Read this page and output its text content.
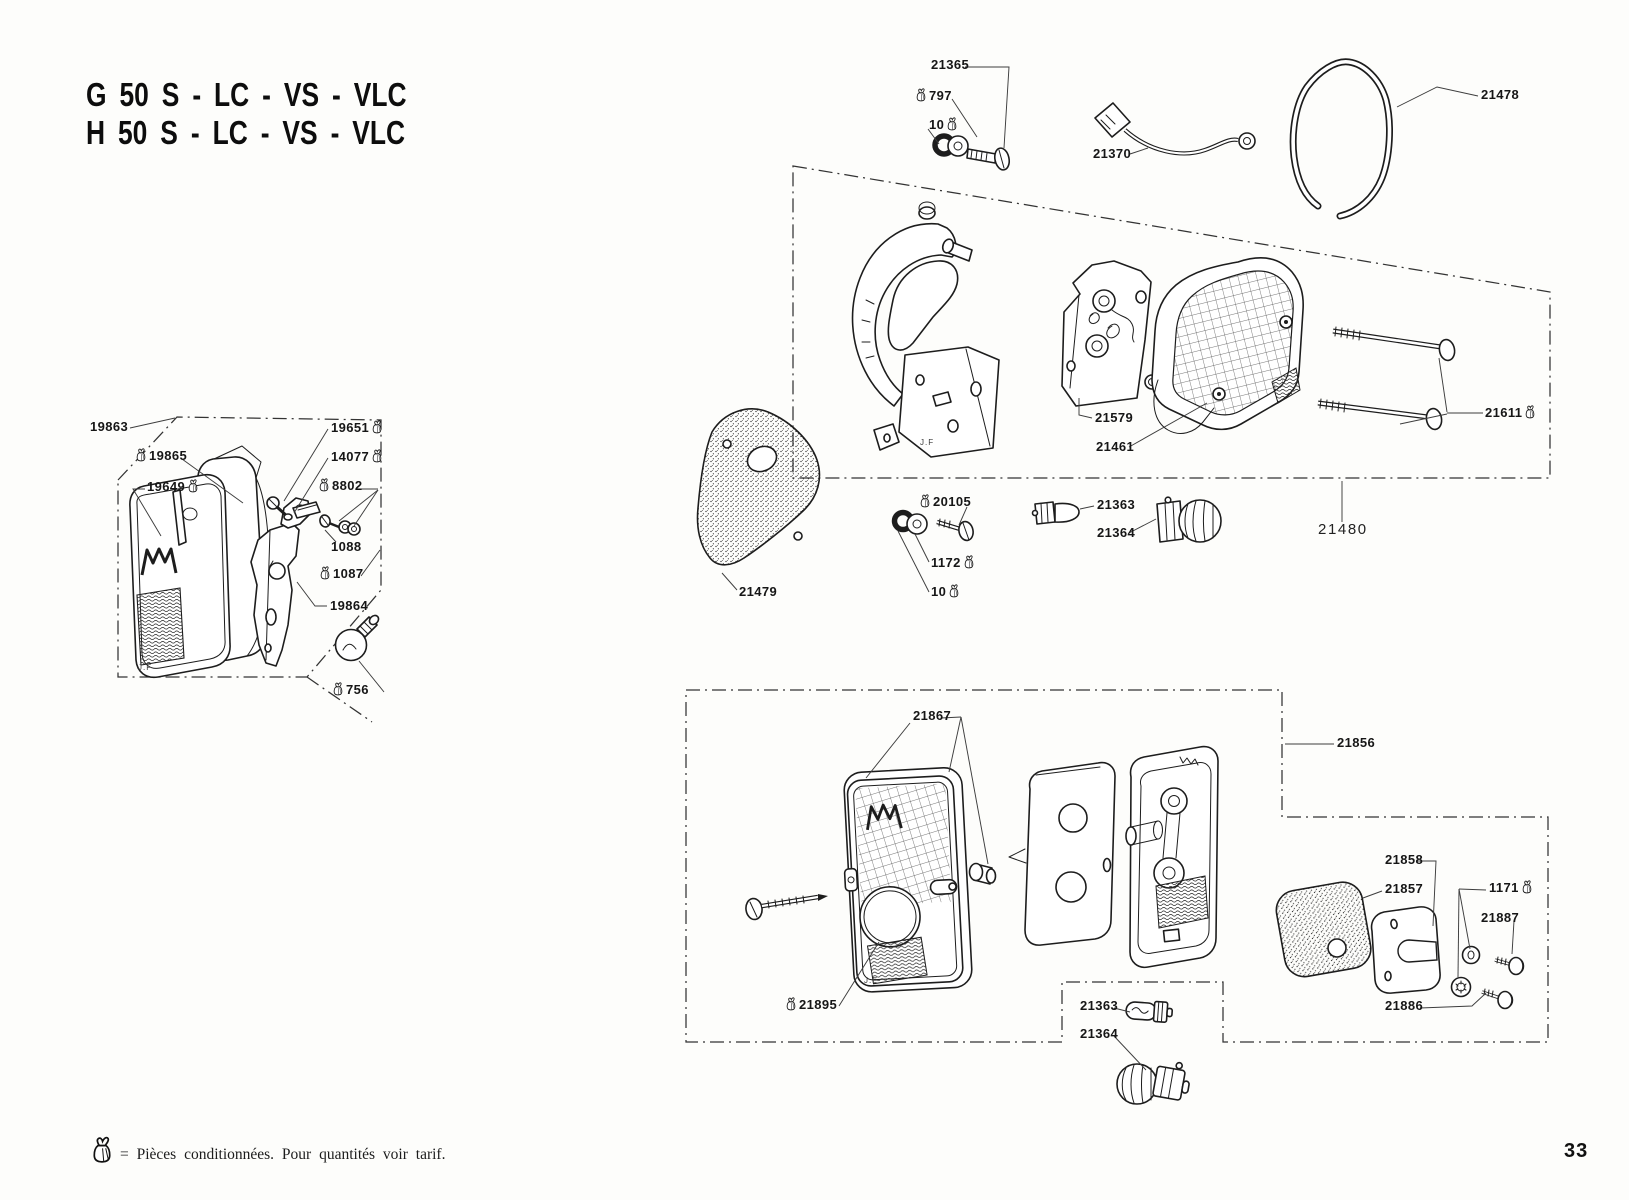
G 50 S - LC - VS - VLC
H 50 S - LC - VS - VLC
21365
797
10
21370
21478
21579
21461
21611
20105	21363
21364
1172
10
21479
21480
19863
19865
19649
19651
14077
8802
1088
1087
19864
756
21867
21856
21858
21857	1171
21887
21895	21363
21364
21886
J.F
J.F
J.F
= Pièces conditionnées. Pour quantités voir tarif.	33
